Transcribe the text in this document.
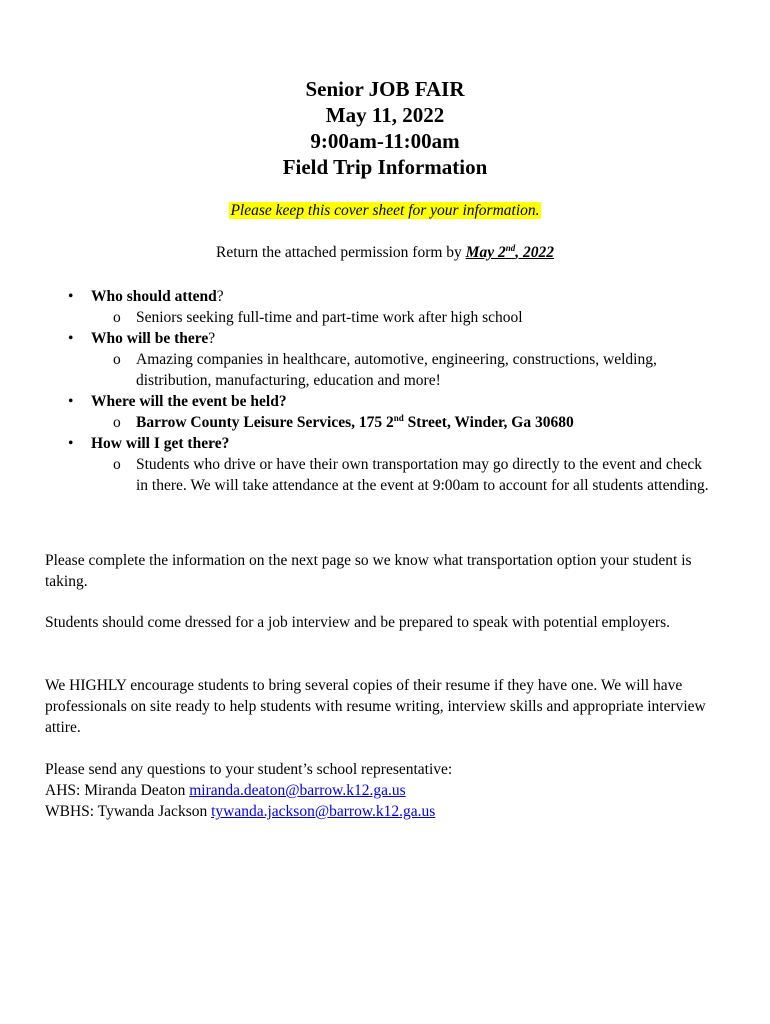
Senior JOB FAIR
May 11, 2022
9:00am-11:00am
Field Trip Information
Please keep this cover sheet for your information.
Return the attached permission form by May 2nd, 2022
• Who should attend?
o Seniors seeking full-time and part-time work after high school
• Who will be there?
o Amazing companies in healthcare, automotive, engineering, constructions, welding, distribution, manufacturing, education and more!
• Where will the event be held?
o Barrow County Leisure Services, 175 2nd Street, Winder, Ga 30680
• How will I get there?
o Students who drive or have their own transportation may go directly to the event and check in there. We will take attendance at the event at 9:00am to account for all students attending.
Please complete the information on the next page so we know what transportation option your student is taking.
Students should come dressed for a job interview and be prepared to speak with potential employers.
We HIGHLY encourage students to bring several copies of their resume if they have one. We will have professionals on site ready to help students with resume writing, interview skills and appropriate interview attire.
Please send any questions to your student’s school representative:
AHS: Miranda Deaton miranda.deaton@barrow.k12.ga.us
WBHS: Tywanda Jackson tywanda.jackson@barrow.k12.ga.us
